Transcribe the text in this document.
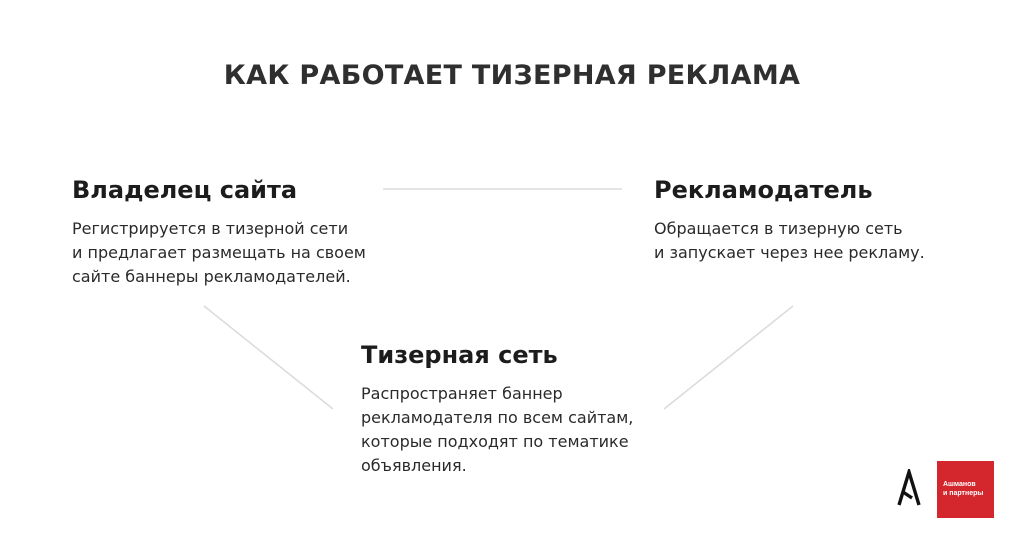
КАК РАБОТАЕТ ТИЗЕРНАЯ РЕКЛАМА
Владелец сайта
Регистрируется в тизерной сети
и предлагает размещать на своем
сайте баннеры рекламодателей.
Рекламодатель
Обращается в тизерную сеть
и запускает через нее рекламу.
Тизерная сеть
Распространяет баннер
рекламодателя по всем сайтам,
которые подходят по тематике
объявления.
Ашманов
и партнеры
